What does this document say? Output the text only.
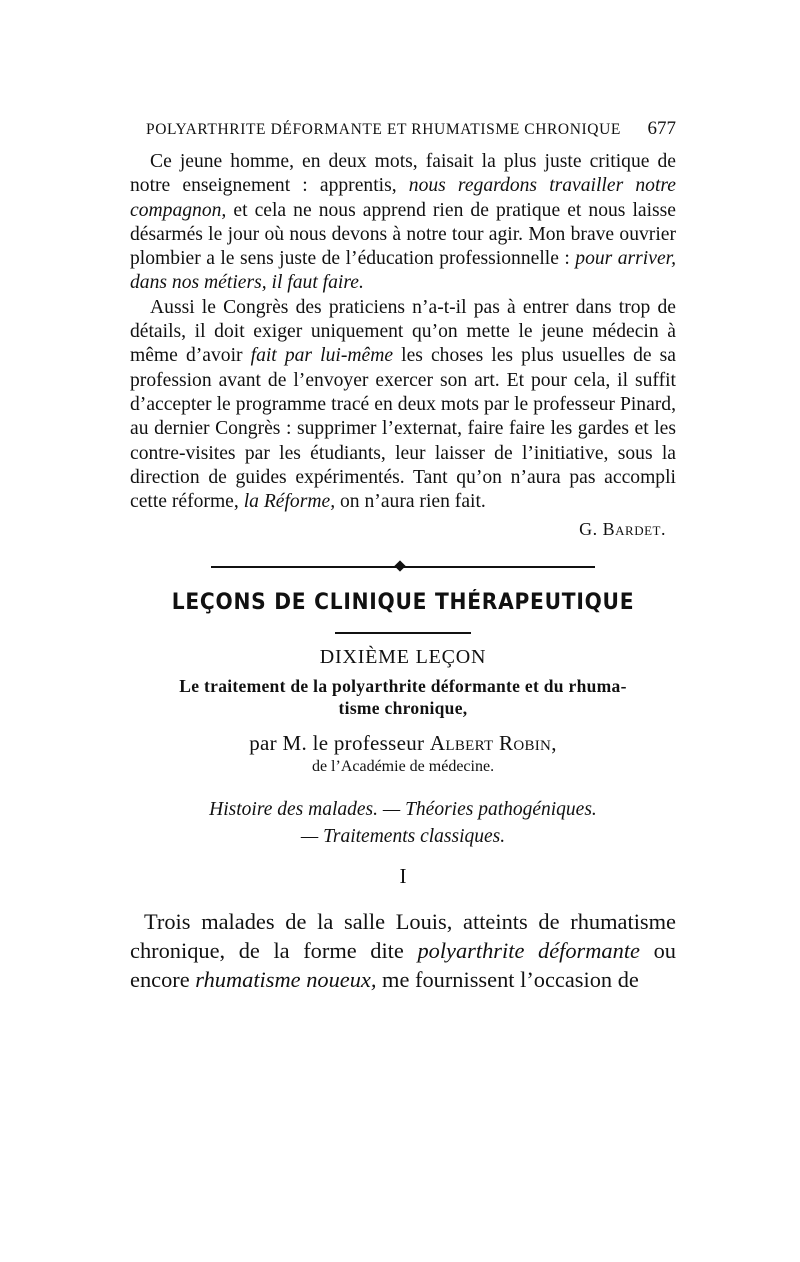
POLYARTHRITE DÉFORMANTE ET RHUMATISME CHRONIQUE 677

Ce jeune homme, en deux mots, faisait la plus juste critique de notre enseignement : apprentis, nous regardons travailler notre compagnon, et cela ne nous apprend rien de pratique et nous laisse désarmés le jour où nous devons à notre tour agir. Mon brave ouvrier plombier a le sens juste de l’éducation professionnelle : pour arriver, dans nos métiers, il faut faire.

Aussi le Congrès des praticiens n’a-t-il pas à entrer dans trop de détails, il doit exiger uniquement qu’on mette le jeune médecin à même d’avoir fait par lui-même les choses les plus usuelles de sa profession avant de l’envoyer exercer son art. Et pour cela, il suffit d’accepter le programme tracé en deux mots par le professeur Pinard, au dernier Congrès : supprimer l’externat, faire faire les gardes et les contre-visites par les étudiants, leur laisser de l’initiative, sous la direction de guides expérimentés. Tant qu’on n’aura pas accompli cette réforme, la Réforme, on n’aura rien fait.

G. Bardet.
LEÇONS DE CLINIQUE THÉRAPEUTIQUE
DIXIÈME LEÇON
Le traitement de la polyarthrite déformante et du rhuma-
tisme chronique,
par M. le professeur Albert Robin,
de l’Académie de médecine.
Histoire des malades. — Théories pathogéniques.
— Traitements classiques.
I

Trois malades de la salle Louis, atteints de rhumatisme chronique, de la forme dite polyarthrite déformante ou encore rhumatisme noueux, me fournissent l’occasion de
